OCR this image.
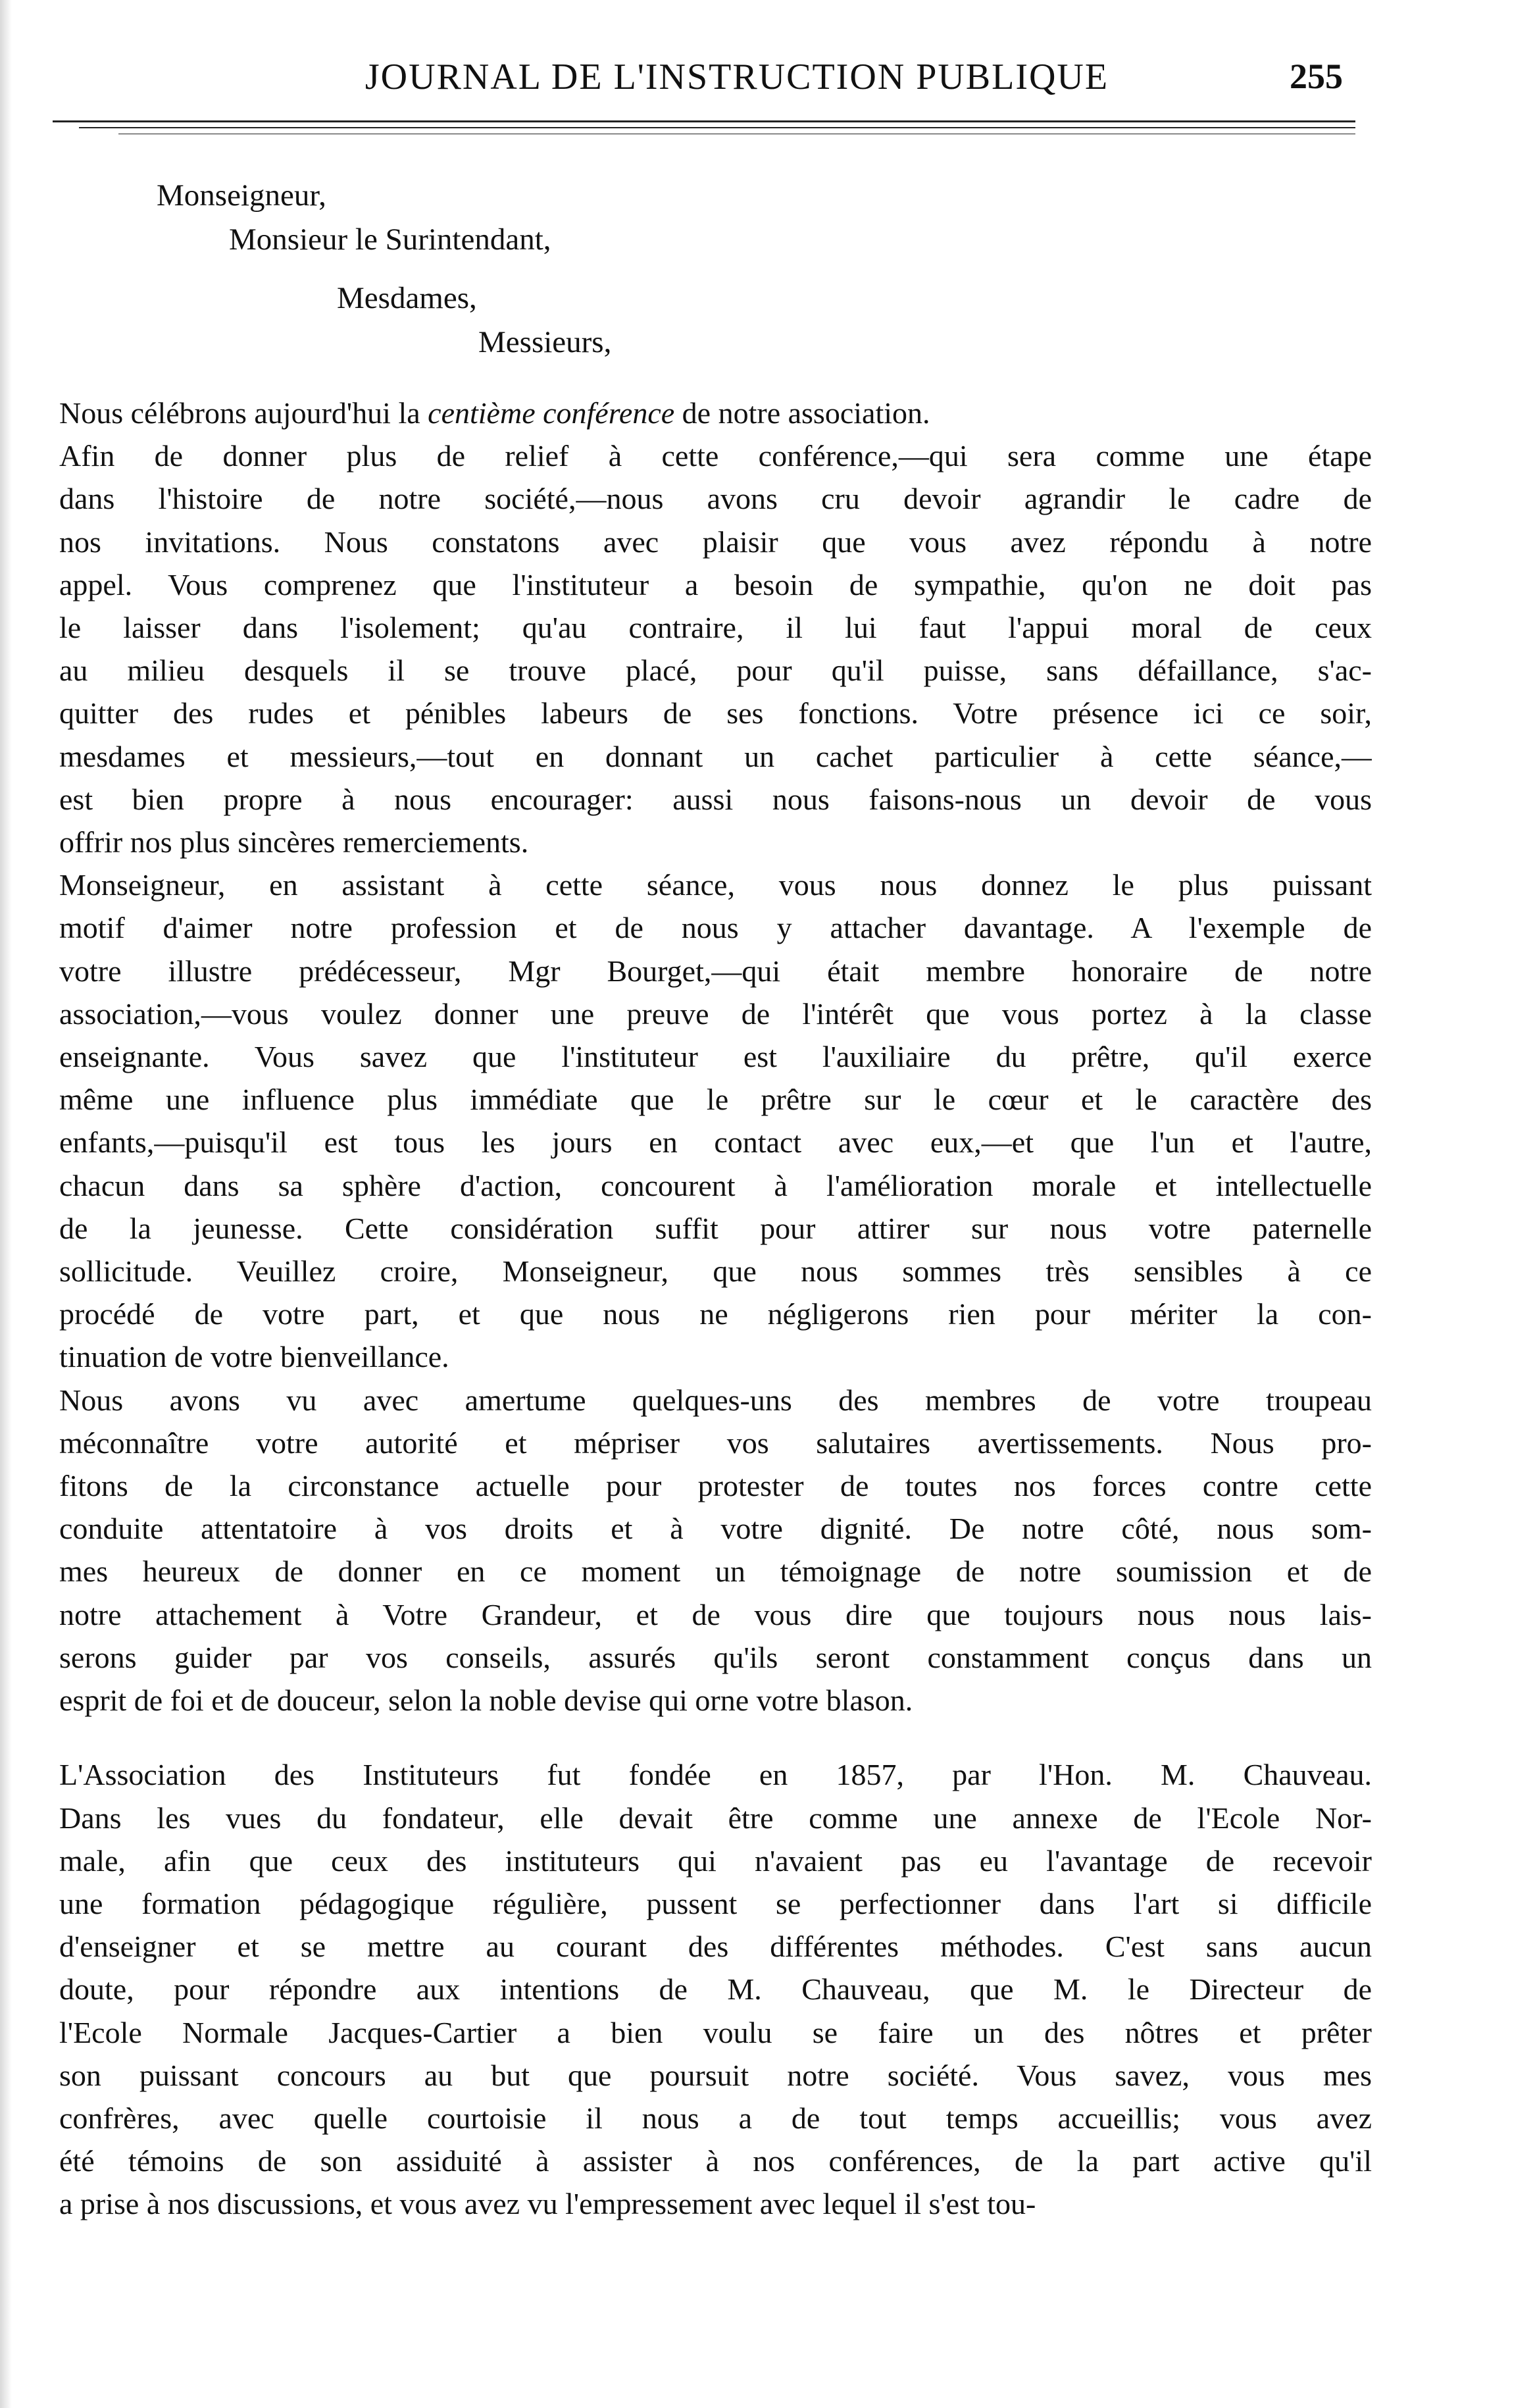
JOURNAL DE L'INSTRUCTION PUBLIQUE	255
Monseigneur,
Monsieur le Surintendant,
Mesdames,
Messieurs,

Nous célébrons aujourd'hui la centième conférence de notre association.

Afin de donner plus de relief à cette conférence,—qui sera comme une étape
dans l'histoire de notre société,—nous avons cru devoir agrandir le cadre de
nos invitations. Nous constatons avec plaisir que vous avez répondu à notre
appel. Vous comprenez que l'instituteur a besoin de sympathie, qu'on ne doit pas
le laisser dans l'isolement; qu'au contraire, il lui faut l'appui moral de ceux
au milieu desquels il se trouve placé, pour qu'il puisse, sans défaillance, s'ac-
quitter des rudes et pénibles labeurs de ses fonctions. Votre présence ici ce soir,
mesdames et messieurs,—tout en donnant un cachet particulier à cette séance,—
est bien propre à nous encourager: aussi nous faisons-nous un devoir de vous
offrir nos plus sincères remerciements.

Monseigneur, en assistant à cette séance, vous nous donnez le plus puissant
motif d'aimer notre profession et de nous y attacher davantage. A l'exemple de
votre illustre prédécesseur, Mgr Bourget,—qui était membre honoraire de notre
association,—vous voulez donner une preuve de l'intérêt que vous portez à la classe
enseignante. Vous savez que l'instituteur est l'auxiliaire du prêtre, qu'il exerce
même une influence plus immédiate que le prêtre sur le cœur et le caractère des
enfants,—puisqu'il est tous les jours en contact avec eux,—et que l'un et l'autre,
chacun dans sa sphère d'action, concourent à l'amélioration morale et intellectuelle
de la jeunesse. Cette considération suffit pour attirer sur nous votre paternelle
sollicitude. Veuillez croire, Monseigneur, que nous sommes très sensibles à ce
procédé de votre part, et que nous ne négligerons rien pour mériter la con-
tinuation de votre bienveillance.

Nous avons vu avec amertume quelques-uns des membres de votre troupeau
méconnaître votre autorité et mépriser vos salutaires avertissements. Nous pro-
fitons de la circonstance actuelle pour protester de toutes nos forces contre cette
conduite attentatoire à vos droits et à votre dignité. De notre côté, nous som-
mes heureux de donner en ce moment un témoignage de notre soumission et de
notre attachement à Votre Grandeur, et de vous dire que toujours nous nous lais-
serons guider par vos conseils, assurés qu'ils seront constamment conçus dans un
esprit de foi et de douceur, selon la noble devise qui orne votre blason.

L'Association des Instituteurs fut fondée en 1857, par l'Hon. M. Chauveau.
Dans les vues du fondateur, elle devait être comme une annexe de l'Ecole Nor-
male, afin que ceux des instituteurs qui n'avaient pas eu l'avantage de recevoir
une formation pédagogique régulière, pussent se perfectionner dans l'art si difficile
d'enseigner et se mettre au courant des différentes méthodes. C'est sans aucun
doute, pour répondre aux intentions de M. Chauveau, que M. le Directeur de
l'Ecole Normale Jacques-Cartier a bien voulu se faire un des nôtres et prêter
son puissant concours au but que poursuit notre société. Vous savez, vous mes
confrères, avec quelle courtoisie il nous a de tout temps accueillis; vous avez
été témoins de son assiduité à assister à nos conférences, de la part active qu'il
a prise à nos discussions, et vous avez vu l'empressement avec lequel il s'est tou-
